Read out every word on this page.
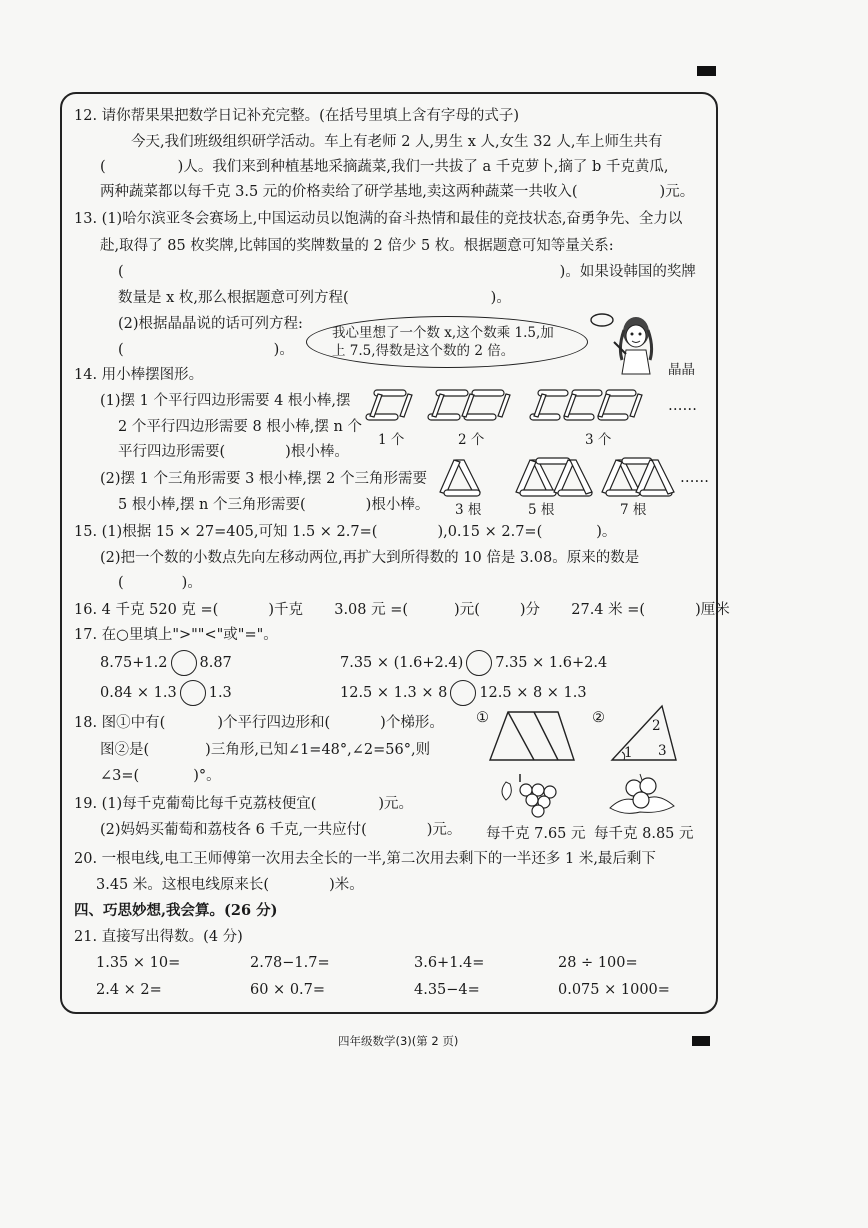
12. 请你帮果果把数学日记补充完整。(在括号里填上含有字母的式子)
今天,我们班级组织研学活动。车上有老师 2 人,男生 x 人,女生 32 人,车上师生共有
(	)人。我们来到种植基地采摘蔬菜,我们一共拔了 a 千克萝卜,摘了 b 千克黄瓜,
两种蔬菜都以每千克 3.5 元的价格卖给了研学基地,卖这两种蔬菜一共收入(	)元。
13. (1)哈尔滨亚冬会赛场上,中国运动员以饱满的奋斗热情和最佳的竞技状态,奋勇争先、全力以
赴,取得了 85 枚奖牌,比韩国的奖牌数量的 2 倍少 5 枚。根据题意可知等量关系:
(	)。如果设韩国的奖牌
数量是 x 枚,那么根据题意可列方程(	)。
(2)根据晶晶说的话可列方程:
(	)。
我心里想了一个数 x,这个数乘 1.5,加
上 7.5,得数是这个数的 2 倍。
晶晶
14. 用小棒摆图形。
(1)摆 1 个平行四边形需要 4 根小棒,摆
2 个平行四边形需要 8 根小棒,摆 n 个
平行四边形需要(	)根小棒。
……
1 个	2 个	3 个
(2)摆 1 个三角形需要 3 根小棒,摆 2 个三角形需要
5 根小棒,摆 n 个三角形需要(	)根小棒。
……
3 根	5 根	7 根
15. (1)根据 15 × 27=405,可知 1.5 × 2.7=(	),0.15 × 2.7=(	)。
(2)把一个数的小数点先向左移动两位,再扩大到所得数的 10 倍是 3.08。原来的数是
(	)。
16. 4 千克 520 克 =(	)千克 3.08 元 =(	)元(	)分 27.4 米 =(	)厘米
17. 在○里填上">""<"或"="。
8.75+1.2 8.87	7.35 × (1.6+2.4) 7.35 × 1.6+2.4
0.84 × 1.3 1.3	12.5 × 1.3 × 8 12.5 × 8 × 1.3
18. 图①中有(	)个平行四边形和(	)个梯形。
图②是(	)三角形,已知∠1=48°,∠2=56°,则
∠3=(	)°。
①	②
1
2
3
19. (1)每千克葡萄比每千克荔枝便宜(	)元。
(2)妈妈买葡萄和荔枝各 6 千克,一共应付(	)元。 每千克 7.65 元 每千克 8.85 元
20. 一根电线,电工王师傅第一次用去全长的一半,第二次用去剩下的一半还多 1 米,最后剩下
3.45 米。这根电线原来长(	)米。
四、巧思妙想,我会算。(26 分)
21. 直接写出得数。(4 分)
1.35 × 10=	2.78−1.7=	3.6+1.4=	28 ÷ 100=
2.4 × 2=	60 × 0.7=	4.35−4=	0.075 × 1000=
四年级数学(3)(第 2 页)
